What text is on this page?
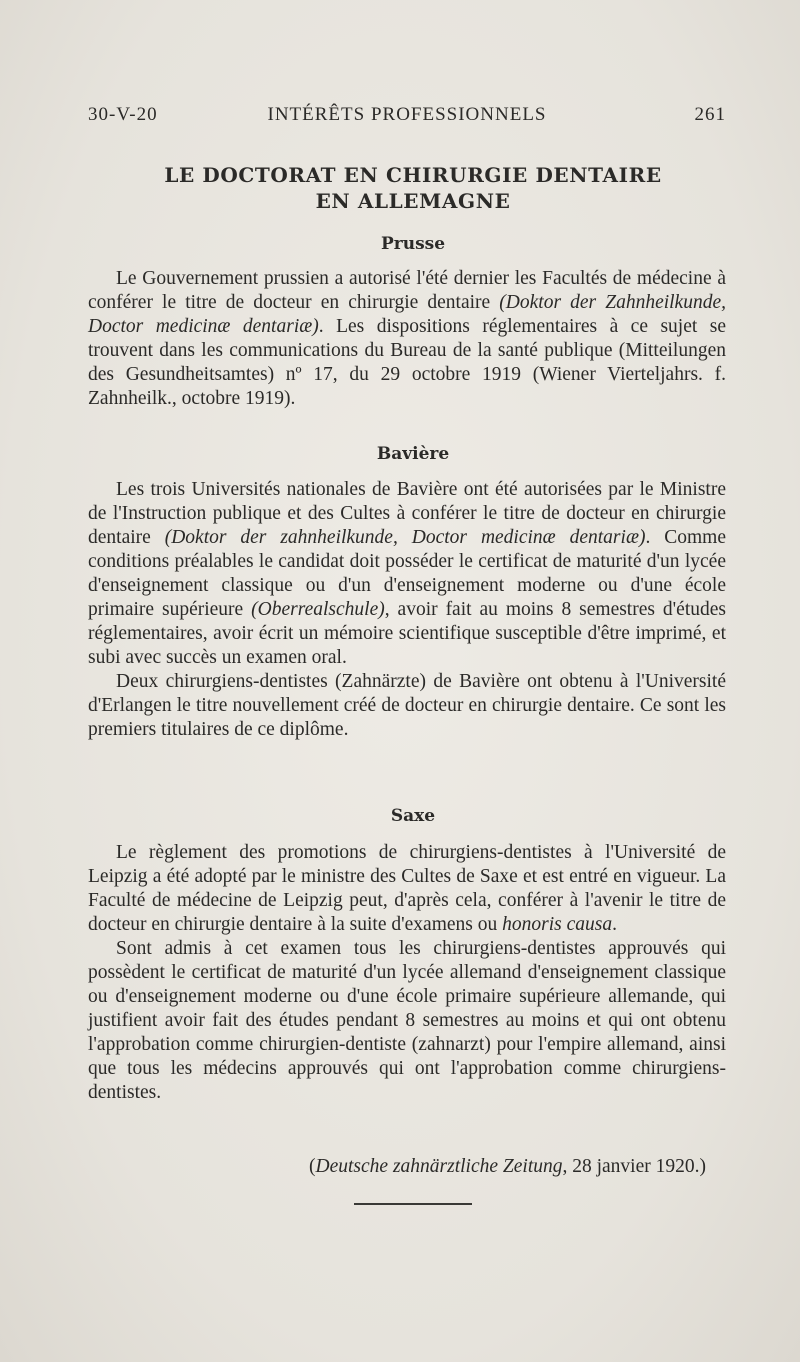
30-V-20	INTÉRÊTS PROFESSIONNELS	261
LE DOCTORAT EN CHIRURGIE DENTAIRE
EN ALLEMAGNE
Prusse

Le Gouvernement prussien a autorisé l'été dernier les Facultés de médecine à conférer le titre de docteur en chirurgie dentaire (Doktor der Zahnheilkunde, Doctor medicinæ dentariæ). Les dispositions réglementaires à ce sujet se trouvent dans les communications du Bureau de la santé publique (Mitteilungen des Gesundheitsamtes) nº 17, du 29 octobre 1919 (Wiener Vierteljahrs. f. Zahnheilk., octobre 1919).

Bavière

Les trois Universités nationales de Bavière ont été autorisées par le Ministre de l'Instruction publique et des Cultes à conférer le titre de docteur en chirurgie dentaire (Doktor der zahnheilkunde, Doctor medicinæ dentariæ). Comme conditions préalables le candidat doit posséder le certificat de maturité d'un lycée d'enseignement classique ou d'un d'enseignement moderne ou d'une école primaire supérieure (Oberrealschule), avoir fait au moins 8 semestres d'études réglementaires, avoir écrit un mémoire scientifique susceptible d'être imprimé, et subi avec succès un examen oral.

Deux chirurgiens-dentistes (Zahnärzte) de Bavière ont obtenu à l'Université d'Erlangen le titre nouvellement créé de docteur en chirurgie dentaire. Ce sont les premiers titulaires de ce diplôme.

Saxe

Le règlement des promotions de chirurgiens-dentistes à l'Université de Leipzig a été adopté par le ministre des Cultes de Saxe et est entré en vigueur. La Faculté de médecine de Leipzig peut, d'après cela, conférer à l'avenir le titre de docteur en chirurgie dentaire à la suite d'examens ou honoris causa.

Sont admis à cet examen tous les chirurgiens-dentistes approuvés qui possèdent le certificat de maturité d'un lycée allemand d'enseignement classique ou d'enseignement moderne ou d'une école primaire supérieure allemande, qui justifient avoir fait des études pendant 8 semestres au moins et qui ont obtenu l'approbation comme chirurgien-dentiste (zahnarzt) pour l'empire allemand, ainsi que tous les médecins approuvés qui ont l'approbation comme chirurgiens-dentistes.

(Deutsche zahnärztliche Zeitung, 28 janvier 1920.)
